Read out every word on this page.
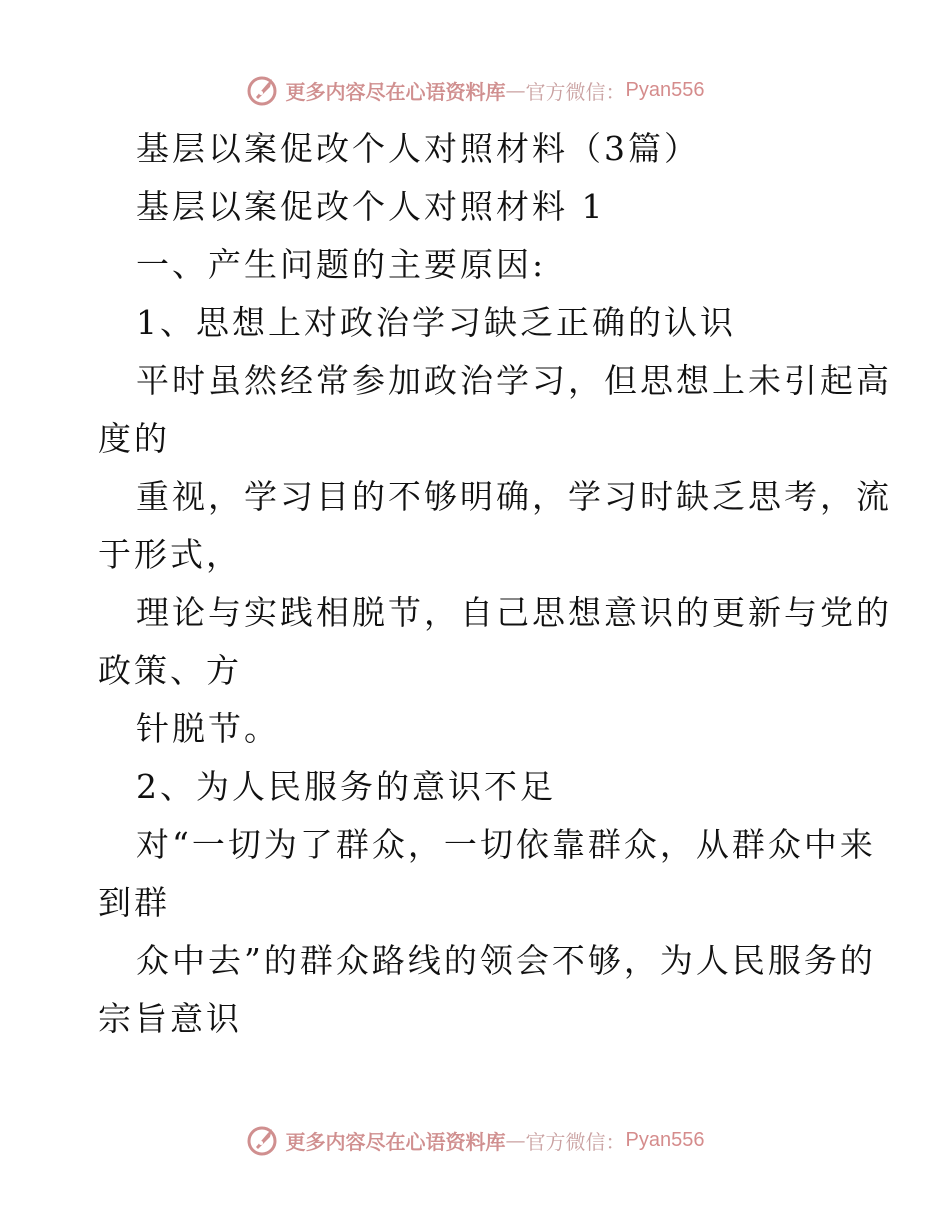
更多内容尽在心语资料库 — 官方微信： Pyan556
基层以案促改个人对照材料（3篇）
基层以案促改个人对照材料 1
一、产生问题的主要原因:
1、思想上对政治学习缺乏正确的认识
平时虽然经常参加政治学习，但思想上未引起高
度的
重视，学习目的不够明确，学习时缺乏思考，流
于形式，
理论与实践相脱节，自己思想意识的更新与党的
政策、方
针脱节。
2、为人民服务的意识不足
对“一切为了群众，一切依靠群众，从群众中来
到群
众中去”的群众路线的领会不够，为人民服务的
宗旨意识
更多内容尽在心语资料库 — 官方微信： Pyan556
